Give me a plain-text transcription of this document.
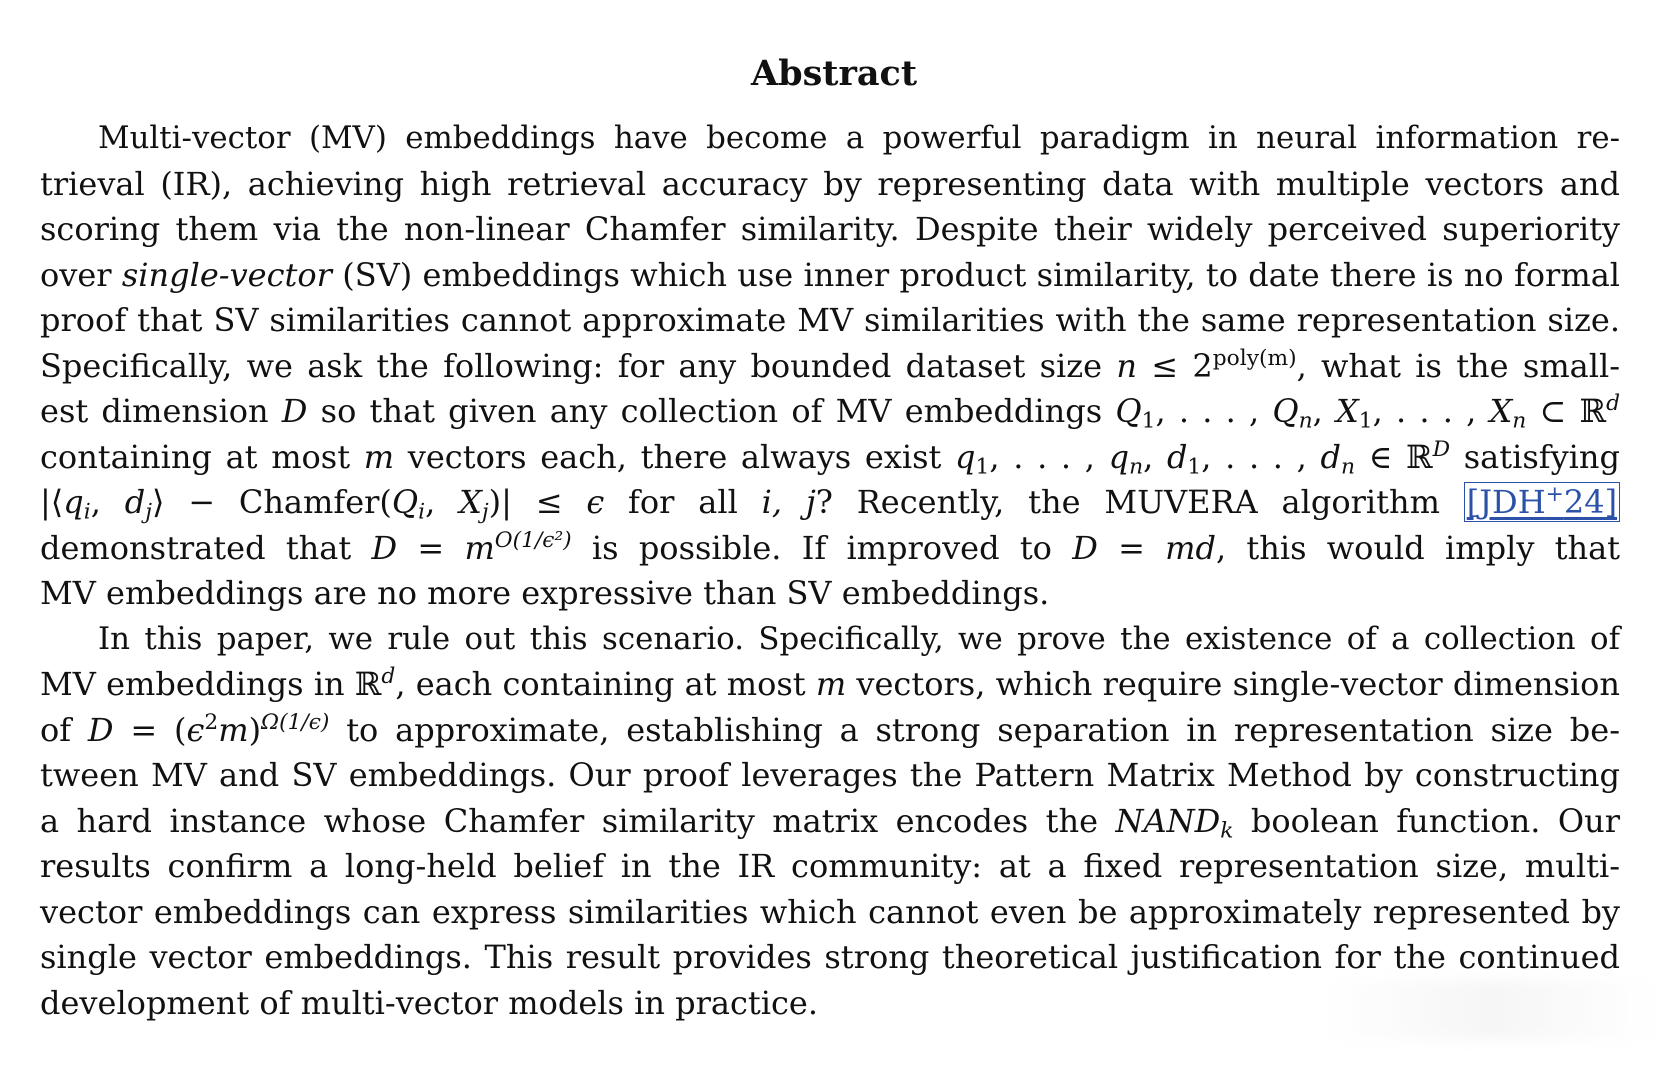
Abstract
Multi-vector (MV) embeddings have become a powerful paradigm in neural information re-
trieval (IR), achieving high retrieval accuracy by representing data with multiple vectors and
scoring them via the non-linear Chamfer similarity. Despite their widely perceived superiority
over single-vector (SV) embeddings which use inner product similarity, to date there is no formal
proof that SV similarities cannot approximate MV similarities with the same representation size.
Specifically, we ask the following: for any bounded dataset size $n \le 2^{poly(m)}$, what is the small-
est dimension D so that given any collection of MV embeddings $Q_1$, . . . , $Q_n$, $X_1$, . . . , $X_n$ ⊂ ℝ$^d$
containing at most m vectors each, there always exist $q_1$, . . . , $q_n$, $d_1$, . . . , $d_n$ ∈ ℝ$^D$ satisfying
$|⟨q_i$, $d_j⟩$ − $Chamfer(Q_i$, $X_j)| \le \epsilon$ for all i, j? Recently, the MUVERA algorithm [JDH+24]
demonstrated that $D = m^{O(1/\epsilon^2)}$ is possible. If improved to D = md, this would imply that
MV embeddings are no more expressive than SV embeddings.
In this paper, we rule out this scenario. Specifically, we prove the existence of a collection of
MV embeddings in ℝ$^d$, each containing at most m vectors, which require single-vector dimension
of $D = (\epsilon^2m)^{\Omega(1/\epsilon)}$ to approximate, establishing a strong separation in representation size be-
tween MV and SV embeddings. Our proof leverages the Pattern Matrix Method by constructing
a hard instance whose Chamfer similarity matrix encodes the $NAND_k$ boolean function. Our
results confirm a long-held belief in the IR community: at a fixed representation size, multi-
vector embeddings can express similarities which cannot even be approximately represented by
single vector embeddings. This result provides strong theoretical justification for the continued
development of multi-vector models in practice.
